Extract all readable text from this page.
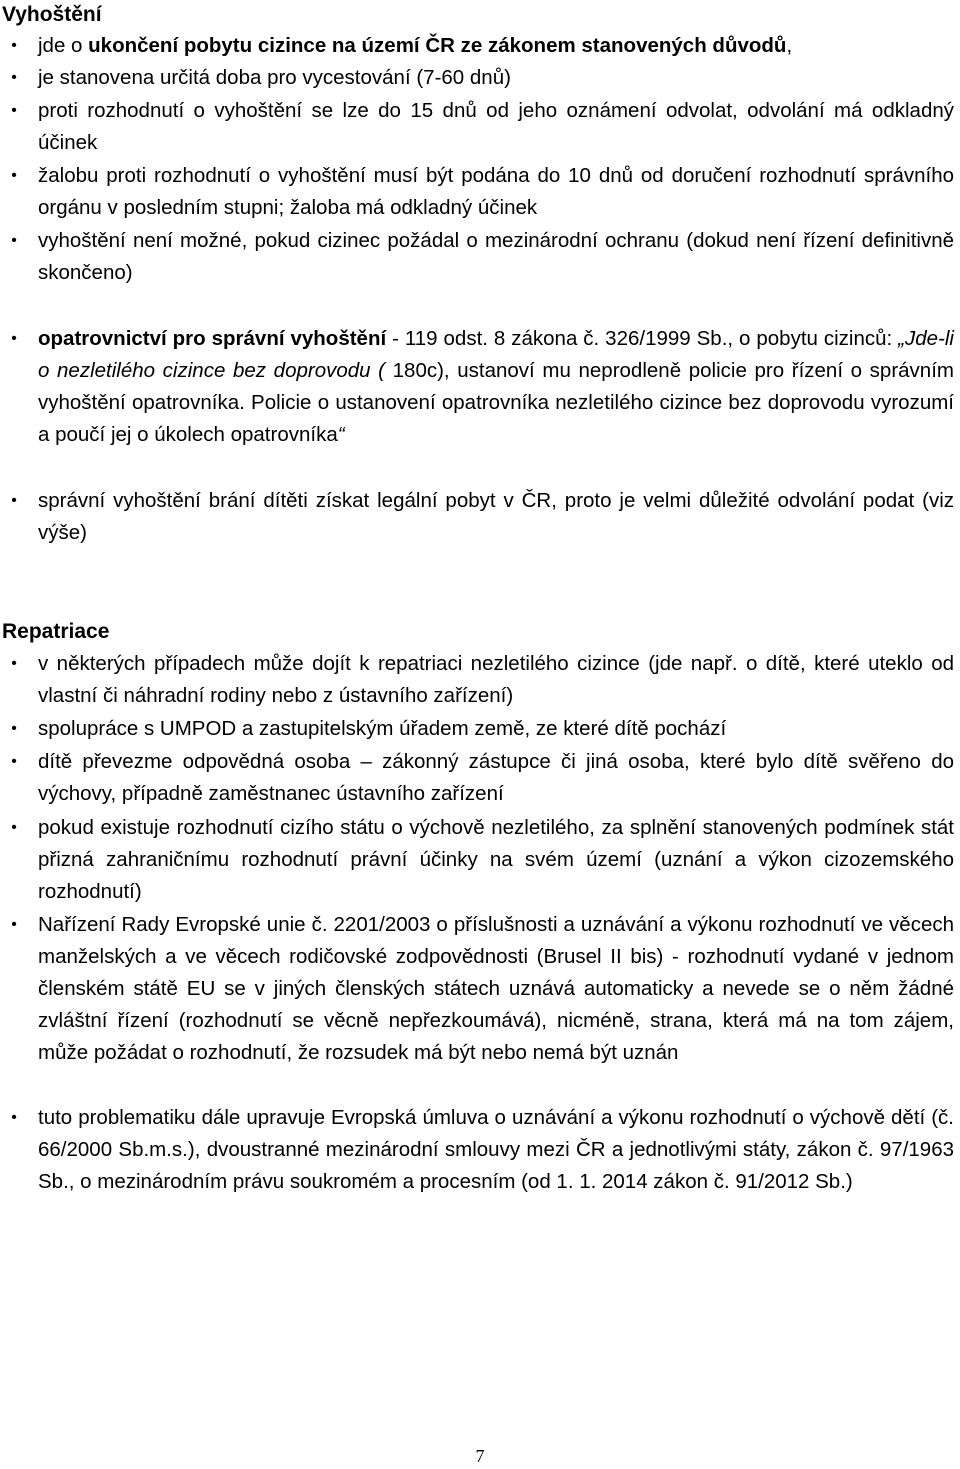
Vyhoštění

• jde o ukončení pobytu cizince na území ČR ze zákonem stanovených důvodů,

• je stanovena určitá doba pro vycestování (7-60 dnů)

• proti rozhodnutí o vyhoštění se lze do 15 dnů od jeho oznámení odvolat, odvolání má odkladný účinek

• žalobu proti rozhodnutí o vyhoštění musí být podána do 10 dnů od doručení rozhodnutí správního orgánu v posledním stupni; žaloba má odkladný účinek

• vyhoštění není možné, pokud cizinec požádal o mezinárodní ochranu (dokud není řízení definitivně skončeno)

• opatrovnictví pro správní vyhoštění - 119 odst. 8 zákona č. 326/1999 Sb., o pobytu cizinců: „Jde-li o nezletilého cizince bez doprovodu ( 180c), ustanoví mu neprodleně policie pro řízení o správním vyhoštění opatrovníka. Policie o ustanovení opatrovníka nezletilého cizince bez doprovodu vyrozumí a poučí jej o úkolech opatrovníka“

• správní vyhoštění brání dítěti získat legální pobyt v ČR, proto je velmi důležité odvolání podat (viz výše)

Repatriace

• v některých případech může dojít k repatriaci nezletilého cizince (jde např. o dítě, které uteklo od vlastní či náhradní rodiny nebo z ústavního zařízení)

• spolupráce s UMPOD a zastupitelským úřadem země, ze které dítě pochází

• dítě převezme odpovědná osoba – zákonný zástupce či jiná osoba, které bylo dítě svěřeno do výchovy, případně zaměstnanec ústavního zařízení

• pokud existuje rozhodnutí cizího státu o výchově nezletilého, za splnění stanovených podmínek stát přizná zahraničnímu rozhodnutí právní účinky na svém území (uznání a výkon cizozemského rozhodnutí)

• Nařízení Rady Evropské unie č. 2201/2003 o příslušnosti a uznávání a výkonu rozhodnutí ve věcech manželských a ve věcech rodičovské zodpovědnosti (Brusel II bis) - rozhodnutí vydané v jednom členském státě EU se v jiných členských státech uznává automaticky a nevede se o něm žádné zvláštní řízení (rozhodnutí se věcně nepřezkoumává), nicméně, strana, která má na tom zájem, může požádat o rozhodnutí, že rozsudek má být nebo nemá být uznán

• tuto problematiku dále upravuje Evropská úmluva o uznávání a výkonu rozhodnutí o výchově dětí (č. 66/2000 Sb.m.s.), dvoustranné mezinárodní smlouvy mezi ČR a jednotlivými státy, zákon č. 97/1963 Sb., o mezinárodním právu soukromém a procesním (od 1. 1. 2014 zákon č. 91/2012 Sb.)

7
